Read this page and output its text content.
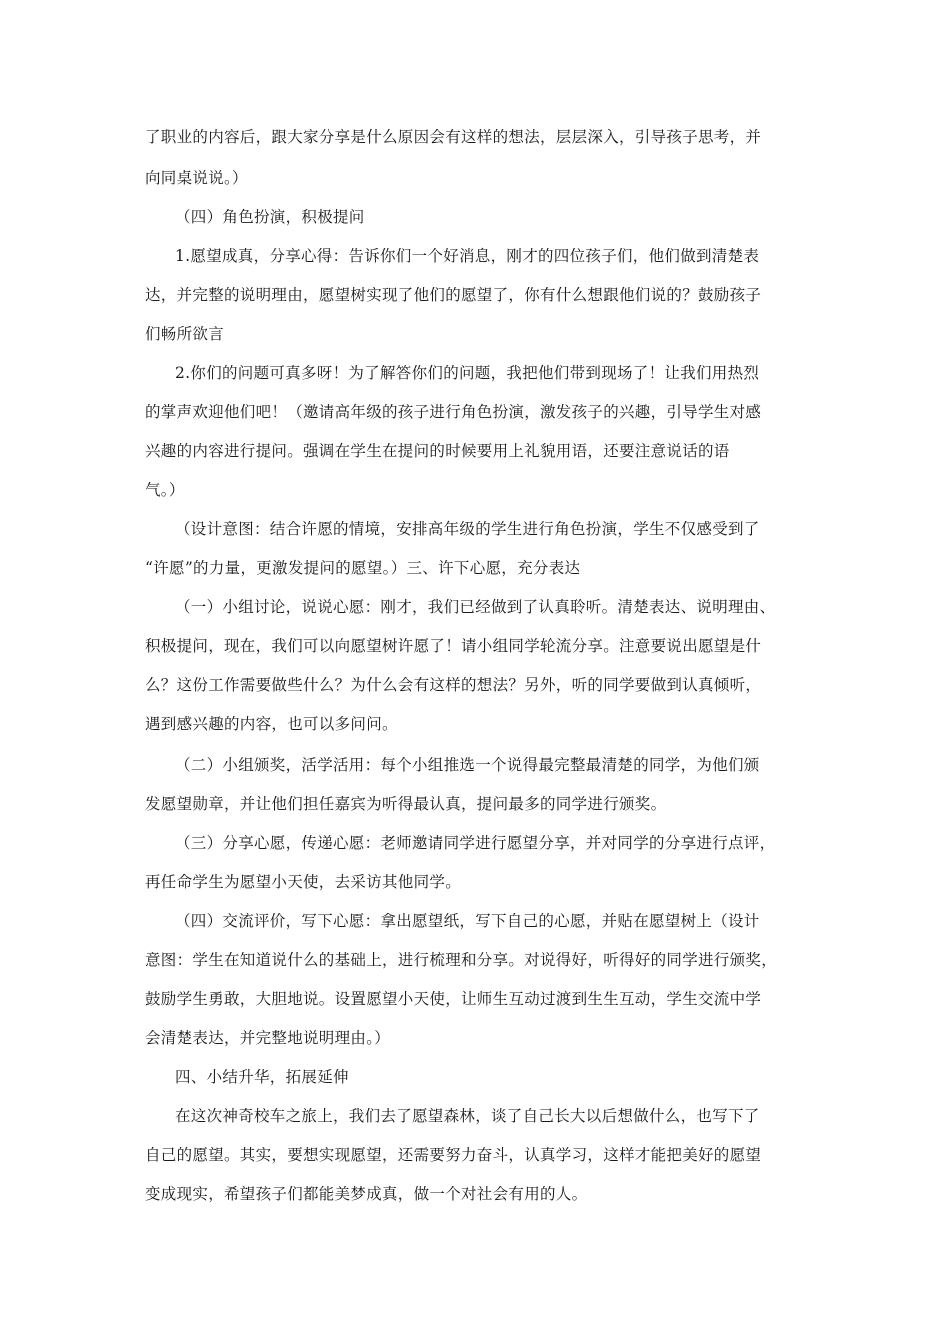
了职业的内容后，跟大家分享是什么原因会有这样的想法，层层深入，引导孩子思考，并
向同桌说说。）
（四）角色扮演，积极提问
1.愿望成真，分享心得：告诉你们一个好消息，刚才的四位孩子们，他们做到清楚表
达，并完整的说明理由，愿望树实现了他们的愿望了，你有什么想跟他们说的？鼓励孩子
们畅所欲言
2.你们的问题可真多呀！为了解答你们的问题，我把他们带到现场了！让我们用热烈
的掌声欢迎他们吧！（邀请高年级的孩子进行角色扮演，激发孩子的兴趣，引导学生对感
兴趣的内容进行提问。强调在学生在提问的时候要用上礼貌用语，还要注意说话的语
气。）
（设计意图：结合许愿的情境，安排高年级的学生进行角色扮演，学生不仅感受到了
“许愿”的力量，更激发提问的愿望。）三、许下心愿，充分表达
（一）小组讨论，说说心愿：刚才，我们已经做到了认真聆听。清楚表达、说明理由、
积极提问，现在，我们可以向愿望树许愿了！请小组同学轮流分享。注意要说出愿望是什
么？这份工作需要做些什么？为什么会有这样的想法？另外，听的同学要做到认真倾听，
遇到感兴趣的内容，也可以多问问。
（二）小组颁奖，活学活用：每个小组推选一个说得最完整最清楚的同学，为他们颁
发愿望勋章，并让他们担任嘉宾为听得最认真，提问最多的同学进行颁奖。
（三）分享心愿，传递心愿：老师邀请同学进行愿望分享，并对同学的分享进行点评，
再任命学生为愿望小天使，去采访其他同学。
（四）交流评价，写下心愿：拿出愿望纸，写下自己的心愿，并贴在愿望树上（设计
意图：学生在知道说什么的基础上，进行梳理和分享。对说得好，听得好的同学进行颁奖，
鼓励学生勇敢，大胆地说。设置愿望小天使，让师生互动过渡到生生互动，学生交流中学
会清楚表达，并完整地说明理由。）
四、小结升华，拓展延伸
在这次神奇校车之旅上，我们去了愿望森林，谈了自己长大以后想做什么，也写下了
自己的愿望。其实，要想实现愿望，还需要努力奋斗，认真学习，这样才能把美好的愿望
变成现实，希望孩子们都能美梦成真，做一个对社会有用的人。
